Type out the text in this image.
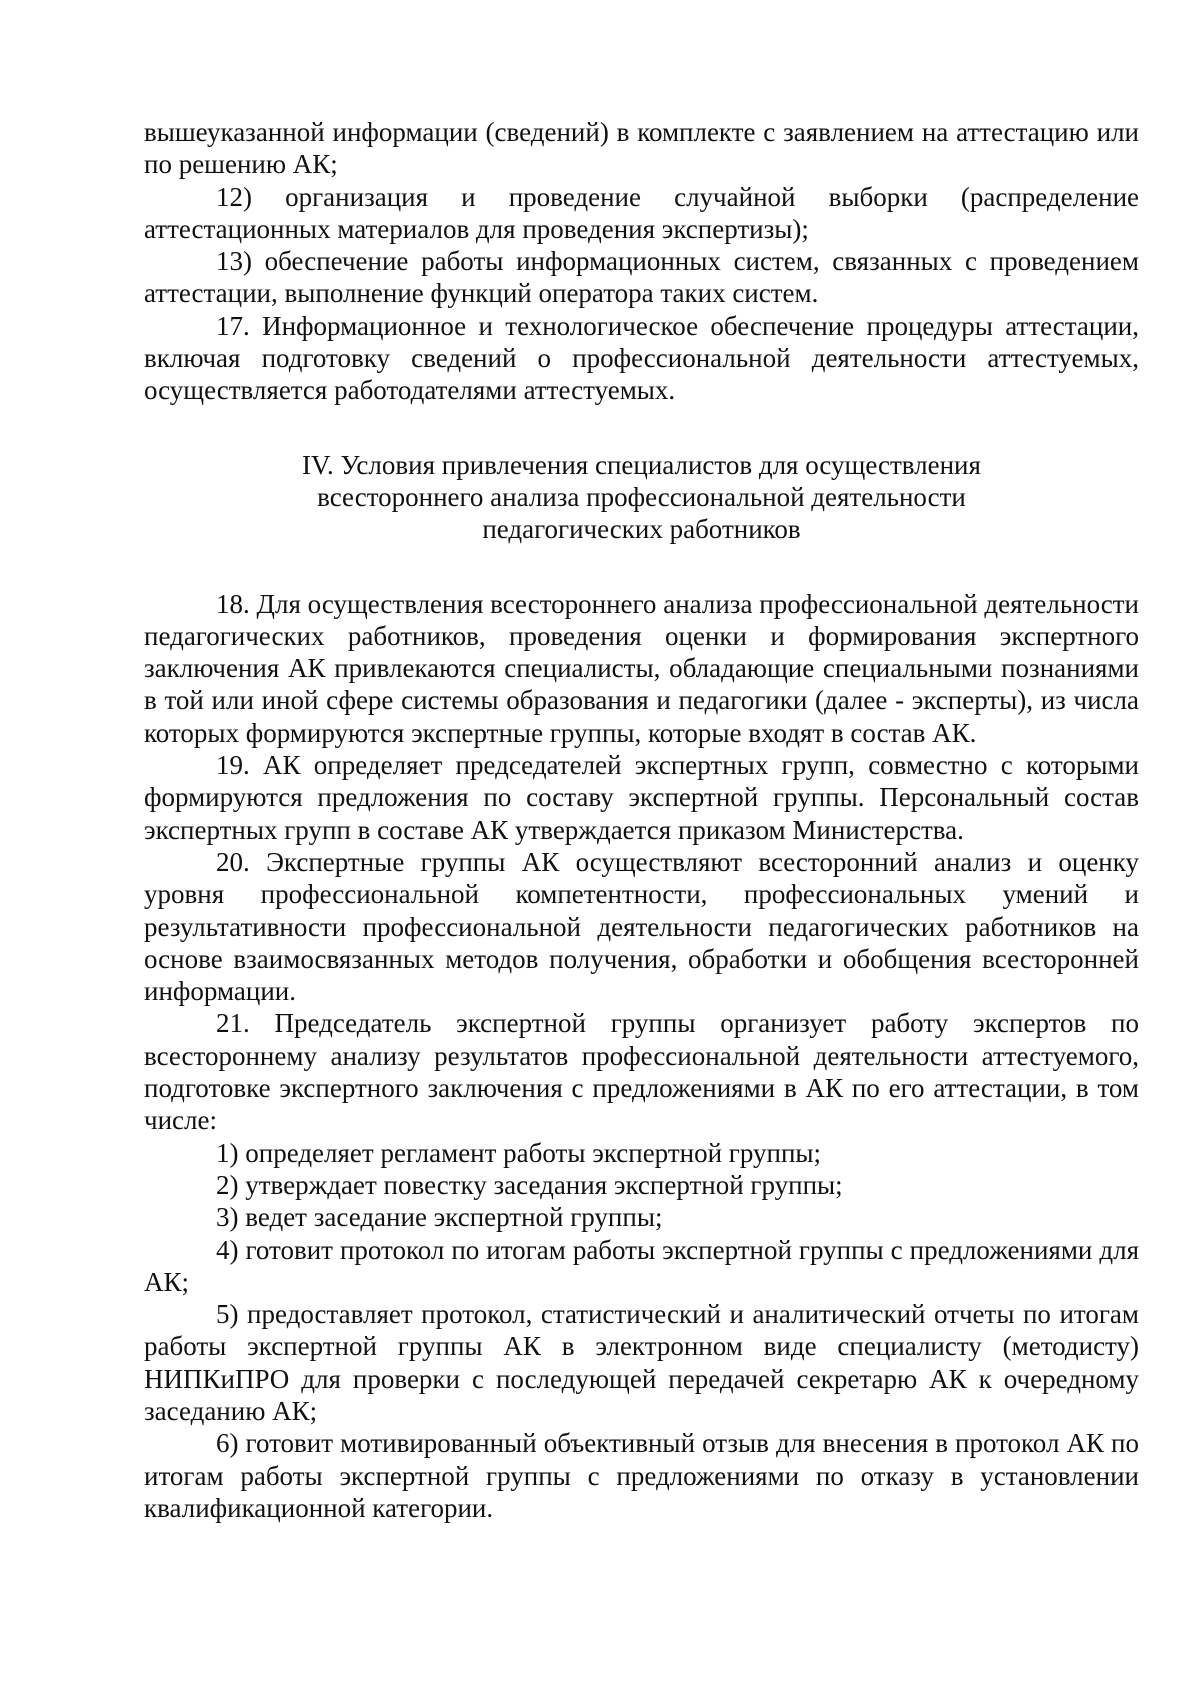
вышеуказанной информации (сведений) в комплекте с заявлением на аттестацию или по решению АК;

12) организация и проведение случайной выборки (распределение аттестационных материалов для проведения экспертизы);

13) обеспечение работы информационных систем, связанных с проведением аттестации, выполнение функций оператора таких систем.

17. Информационное и технологическое обеспечение процедуры аттестации, включая подготовку сведений о профессиональной деятельности аттестуемых, осуществляется работодателями аттестуемых.

IV. Условия привлечения специалистов для осуществления
всестороннего анализа профессиональной деятельности
педагогических работников

18. Для осуществления всестороннего анализа профессиональной деятельности педагогических работников, проведения оценки и формирования экспертного заключения АК привлекаются специалисты, обладающие специальными познаниями в той или иной сфере системы образования и педагогики (далее - эксперты), из числа которых формируются экспертные группы, которые входят в состав АК.

19. АК определяет председателей экспертных групп, совместно с которыми формируются предложения по составу экспертной группы. Персональный состав экспертных групп в составе АК утверждается приказом Министерства.

20. Экспертные группы АК осуществляют всесторонний анализ и оценку уровня профессиональной компетентности, профессиональных умений и результативности профессиональной деятельности педагогических работников на основе взаимосвязанных методов получения, обработки и обобщения всесторонней информации.

21. Председатель экспертной группы организует работу экспертов по всестороннему анализу результатов профессиональной деятельности аттестуемого, подготовке экспертного заключения с предложениями в АК по его аттестации, в том числе:

1) определяет регламент работы экспертной группы;

2) утверждает повестку заседания экспертной группы;

3) ведет заседание экспертной группы;

4) готовит протокол по итогам работы экспертной группы с предложениями для АК;

5) предоставляет протокол, статистический и аналитический отчеты по итогам работы экспертной группы АК в электронном виде специалисту (методисту) НИПКиПРО для проверки с последующей передачей секретарю АК к очередному заседанию АК;

6) готовит мотивированный объективный отзыв для внесения в протокол АК по итогам работы экспертной группы с предложениями по отказу в установлении квалификационной категории.
